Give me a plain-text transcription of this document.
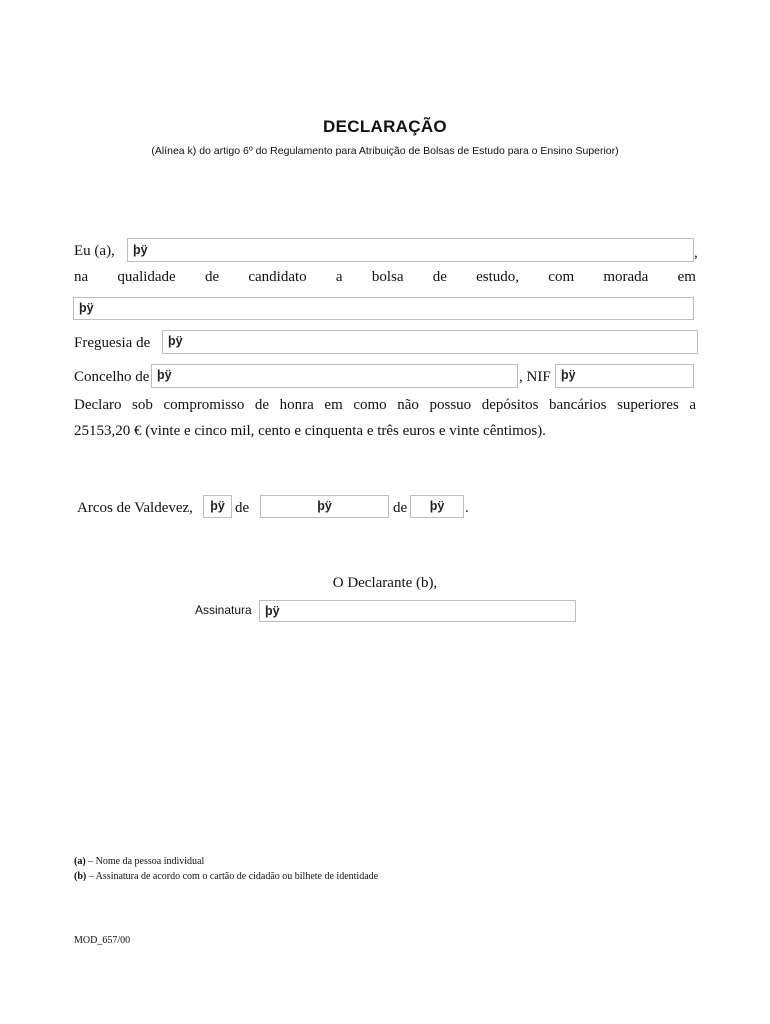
DECLARAÇÃO
(Alínea k) do artigo 6º do Regulamento para Atribuição de Bolsas de Estudo para o Ensino Superior)
Eu (a),	þÿ	,
na qualidade de candidato a bolsa de estudo, com morada em
þÿ
Freguesia de	þÿ
Concelho de þÿ	, NIF þÿ
Declaro sob compromisso de honra em como não possuo depósitos bancários superiores a
25153,20 € (vinte e cinco mil, cento e cinquenta e três euros e vinte cêntimos).
Arcos de Valdevez,	þÿ de	þÿ	de	þÿ	.
O Declarante (b),
Assinatura	þÿ
(a) – Nome da pessoa individual
(b) – Assinatura de acordo com o cartão de cidadão ou bilhete de identidade
MOD_657/00
